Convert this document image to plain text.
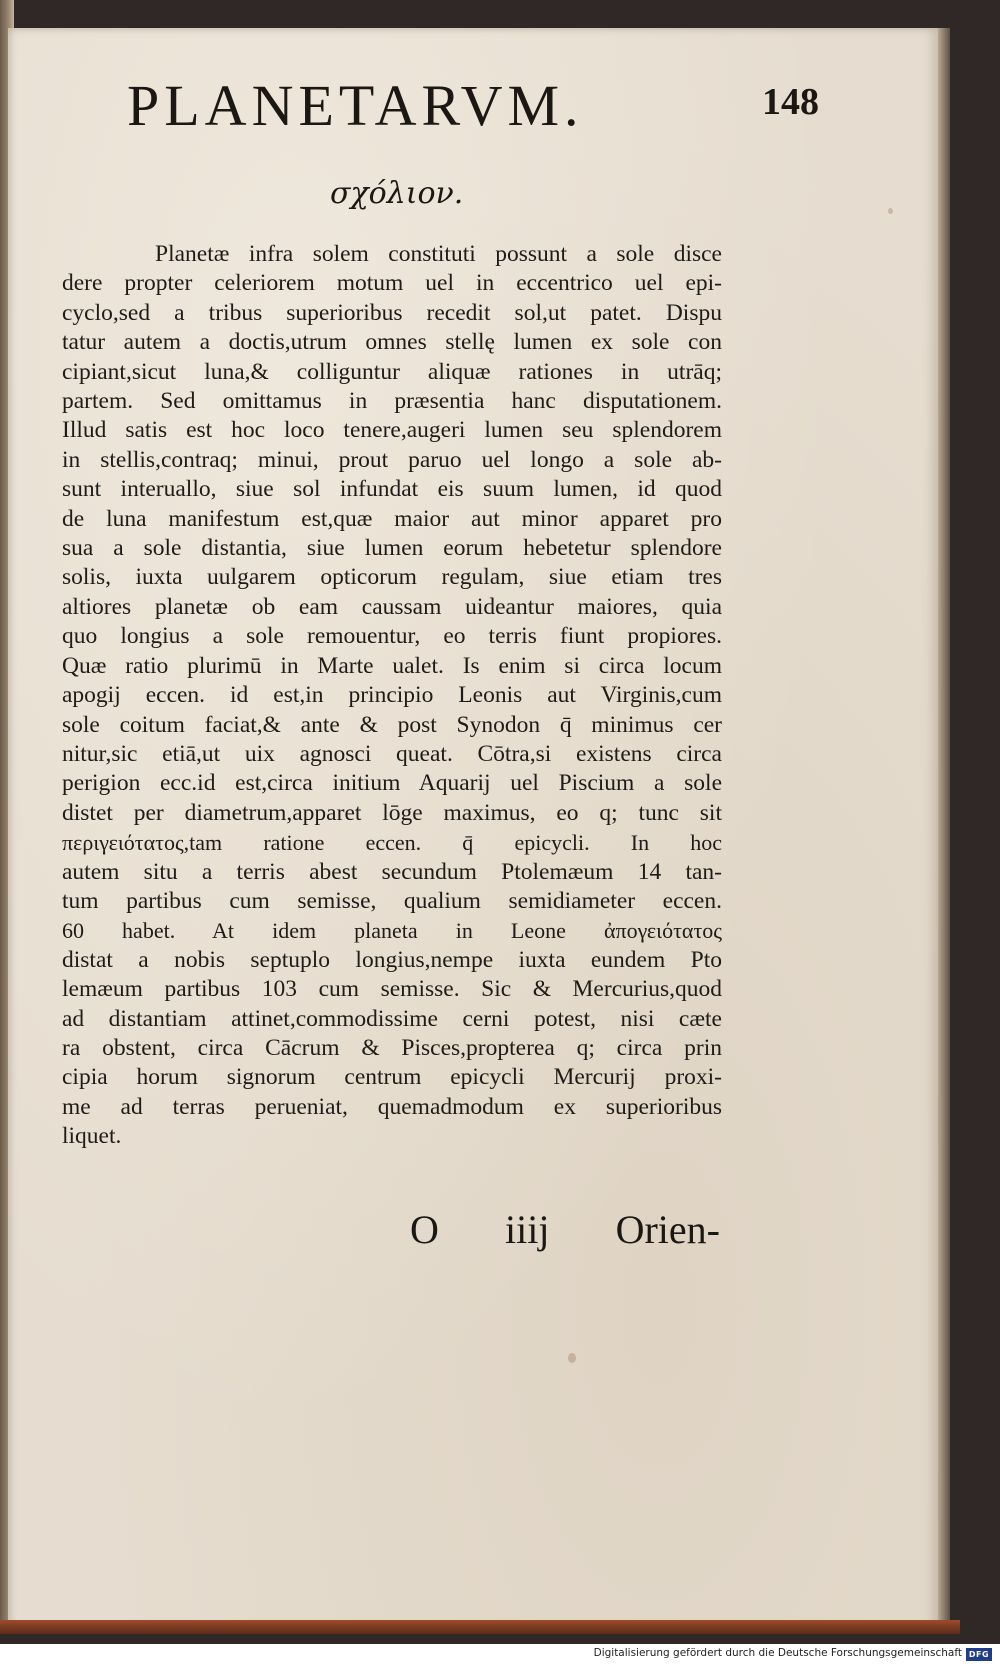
PLANETARVM.	148
σχόλιον.
Planetæ infra solem constituti possunt a sole disce
dere propter celeriorem motum uel in eccentrico uel epi-
cyclo,sed a tribus superioribus recedit sol,ut patet. Dispu
tatur autem a doctis,utrum omnes stellę lumen ex sole con
cipiant,sicut luna,& colliguntur aliquæ rationes in utrāq;
partem. Sed omittamus in præsentia hanc disputationem.
Illud satis est hoc loco tenere,augeri lumen seu splendorem
in stellis,contraq; minui, prout paruo uel longo a sole ab-
sunt interuallo, siue sol infundat eis suum lumen, id quod
de luna manifestum est,quæ maior aut minor apparet pro
sua a sole distantia, siue lumen eorum hebetetur splendore
solis, iuxta uulgarem opticorum regulam, siue etiam tres
altiores planetæ ob eam caussam uideantur maiores, quia
quo longius a sole remouentur, eo terris fiunt propiores.
Quæ ratio plurimū in Marte ualet. Is enim si circa locum
apogij eccen. id est,in principio Leonis aut Virginis,cum
sole coitum faciat,& ante & post Synodon q̄ minimus cer
nitur,sic etiā,ut uix agnosci queat. Cōtra,si existens circa
perigion ecc.id est,circa initium Aquarij uel Piscium a sole
distet per diametrum,apparet lōge maximus, eo q; tunc sit
περιγειότατος,tam ratione eccen. q̄ epicycli. In hoc
autem situ a terris abest secundum Ptolemæum 14 tan-
tum partibus cum semisse, qualium semidiameter eccen.
60 habet. At idem planeta in Leone ἀπογειότατος
distat a nobis septuplo longius,nempe iuxta eundem Pto
lemæum partibus 103 cum semisse. Sic & Mercurius,quod
ad distantiam attinet,commodissime cerni potest, nisi cæte
ra obstent, circa Cācrum & Pisces,propterea q; circa prin
cipia horum signorum centrum epicycli Mercurij proxi-
me ad terras perueniat, quemadmodum ex superioribus
liquet.
O iiij Orien-
Digitalisierung gefördert durch die Deutsche Forschungsgemeinschaft DFG
